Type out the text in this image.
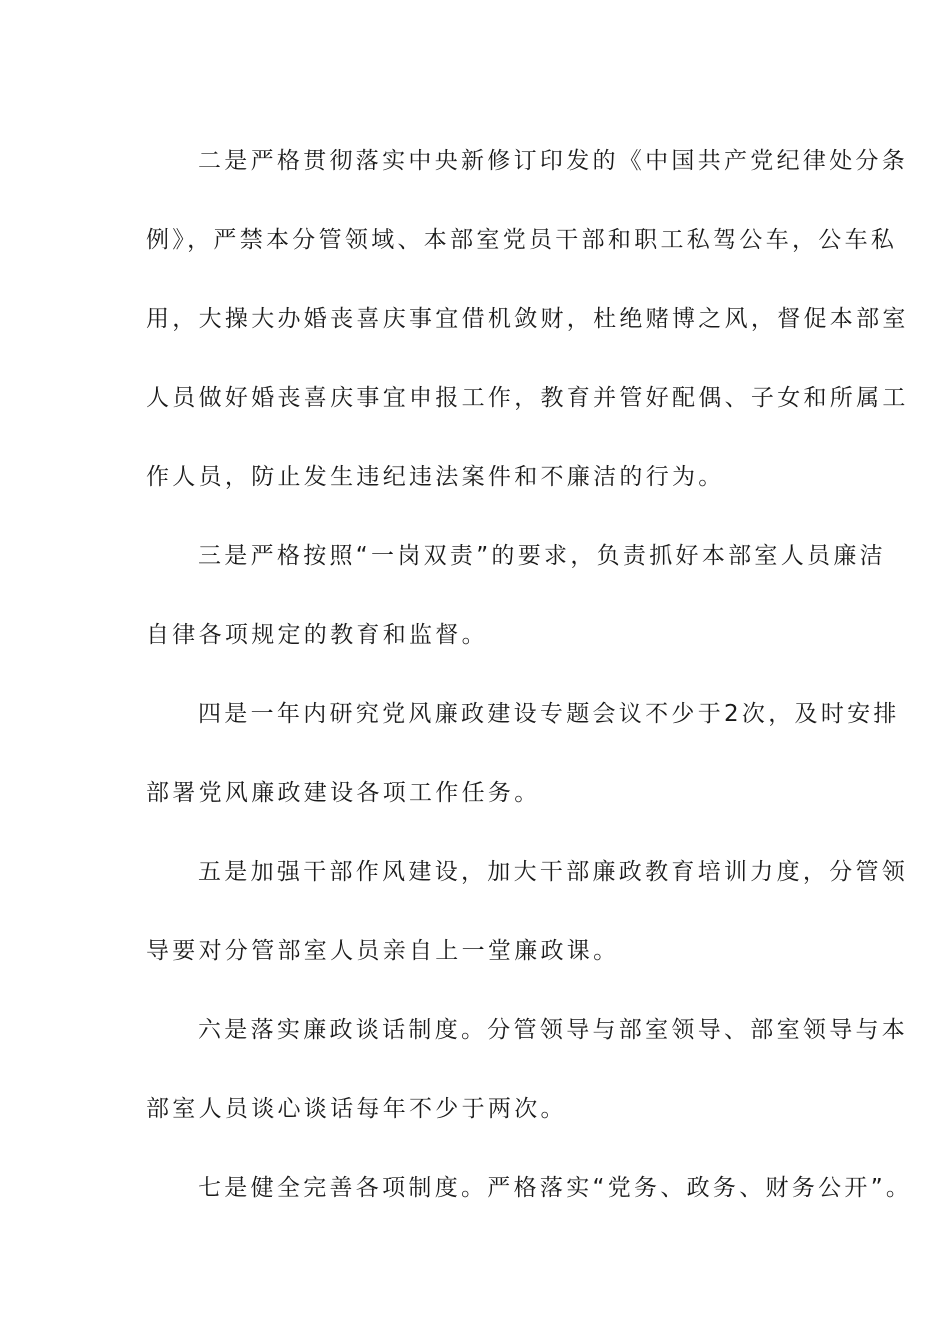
二是严格贯彻落实中央新修订印发的《中国共产党纪律处分条
例》，严禁本分管领域、本部室党员干部和职工私驾公车，公车私
用，大操大办婚丧喜庆事宜借机敛财，杜绝赌博之风，督促本部室
人员做好婚丧喜庆事宜申报工作，教育并管好配偶、子女和所属工
作人员，防止发生违纪违法案件和不廉洁的行为。
三是严格按照“一岗双责”的要求，负责抓好本部室人员廉洁
自律各项规定的教育和监督。
四是一年内研究党风廉政建设专题会议不少于2次，及时安排
部署党风廉政建设各项工作任务。
五是加强干部作风建设，加大干部廉政教育培训力度，分管领
导要对分管部室人员亲自上一堂廉政课。
六是落实廉政谈话制度。分管领导与部室领导、部室领导与本
部室人员谈心谈话每年不少于两次。
七是健全完善各项制度。严格落实“党务、政务、财务公开”。
